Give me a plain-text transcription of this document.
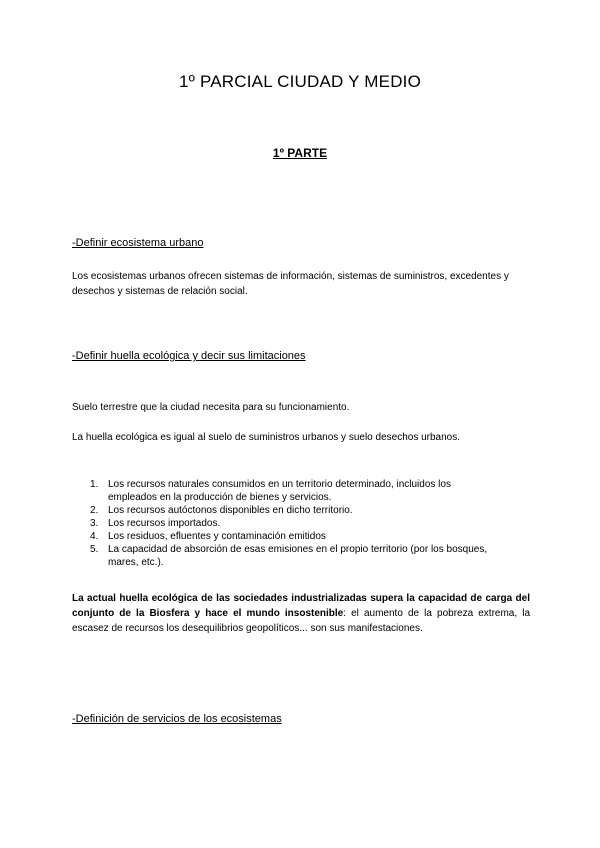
1º PARCIAL CIUDAD Y MEDIO
1º PARTE

-Definir ecosistema urbano

Los ecosistemas urbanos ofrecen sistemas de información, sistemas de suministros, excedentes y desechos y sistemas de relación social.

-Definir huella ecológica y decir sus limitaciones

Suelo terrestre que la ciudad necesita para su funcionamiento.

La huella ecológica es igual al suelo de suministros urbanos y suelo desechos urbanos.

1. Los recursos naturales consumidos en un territorio determinado, incluidos los empleados en la producción de bienes y servicios.
2. Los recursos autóctonos disponibles en dicho territorio.
3. Los recursos importados.
4. Los residuos, efluentes y contaminación emitidos
5. La capacidad de absorción de esas emisiones en el propio territorio (por los bosques, mares, etc.).

La actual huella ecológica de las sociedades industrializadas supera la capacidad de carga del conjunto de la Biosfera y hace el mundo insostenible: el aumento de la pobreza extrema, la escasez de recursos los desequilibrios geopolíticos... son sus manifestaciones.

-Definición de servicios de los ecosistemas
